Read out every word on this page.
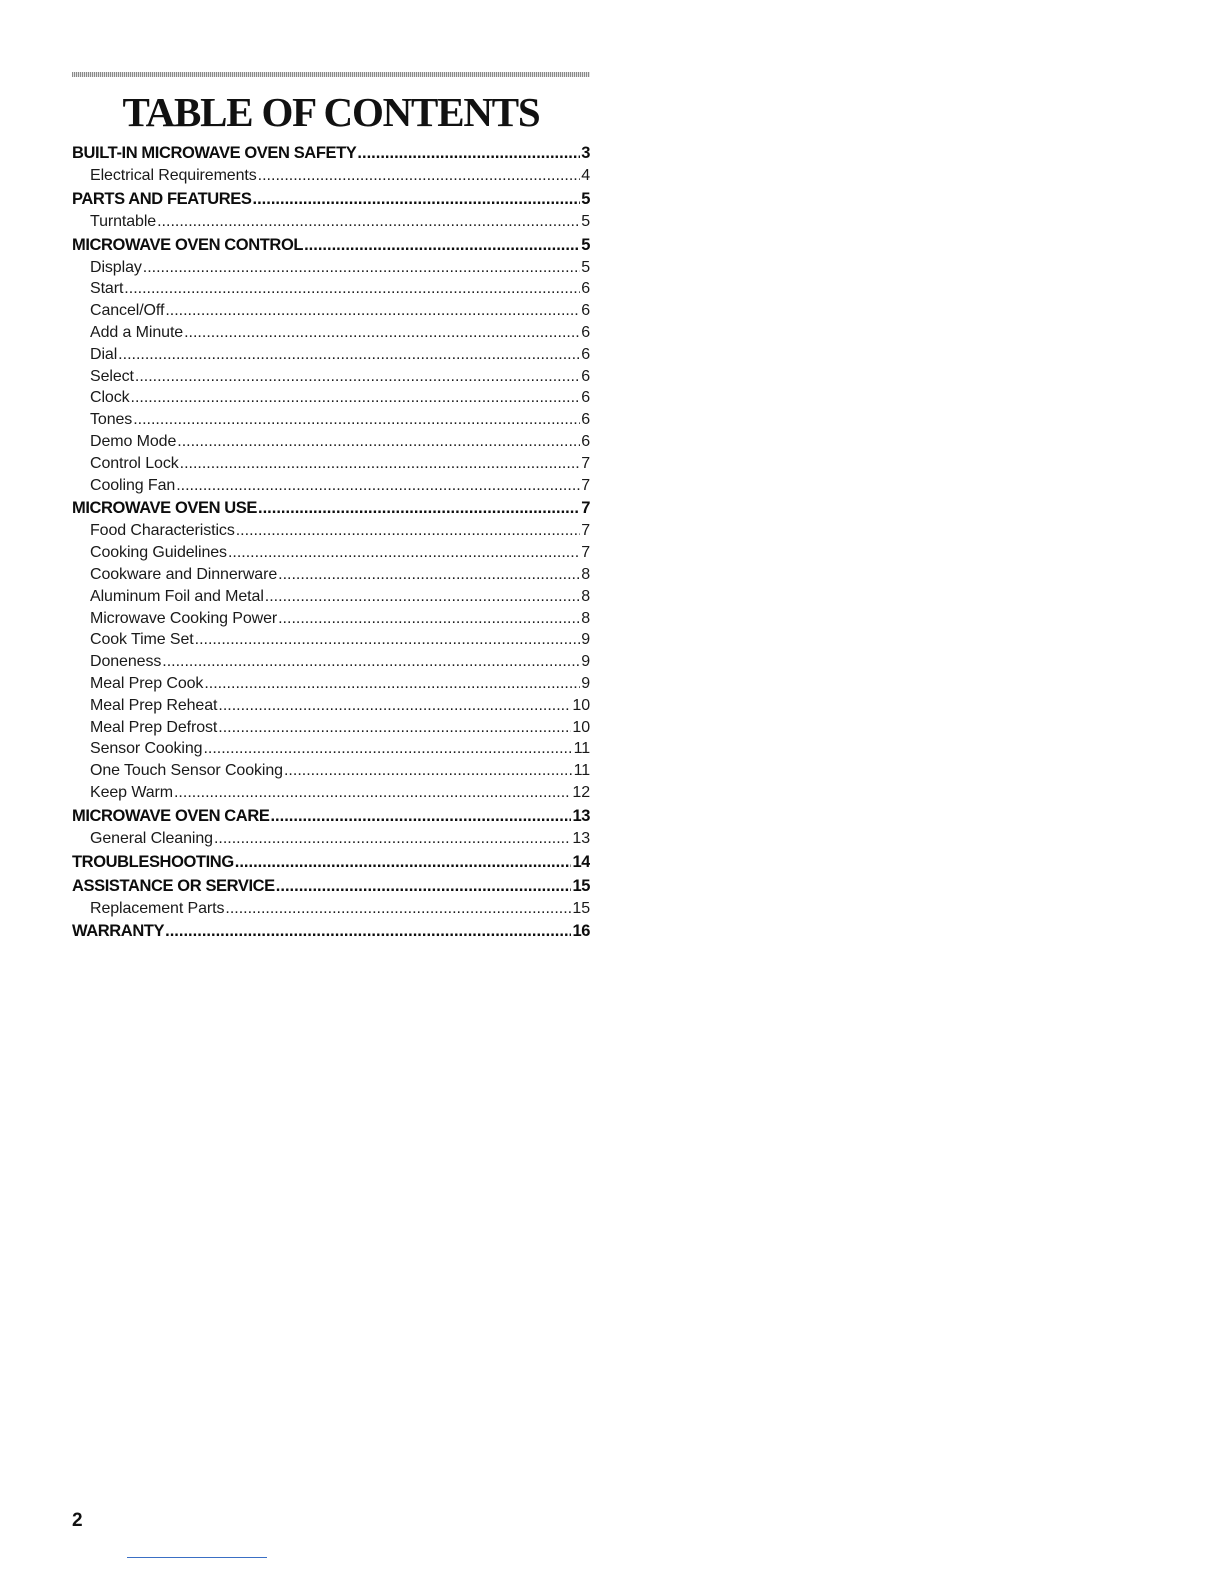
TABLE OF CONTENTS
BUILT-IN MICROWAVE OVEN SAFETY .....	3
Electrical Requirements .....	4
PARTS AND FEATURES .....	5
Turntable .....	5
MICROWAVE OVEN CONTROL .....	5
Display .....	5
Start .....	6
Cancel/Off .....	6
Add a Minute .....	6
Dial .....	6
Select .....	6
Clock .....	6
Tones .....	6
Demo Mode .....	6
Control Lock .....	7
Cooling Fan .....	7
MICROWAVE OVEN USE .....	7
Food Characteristics .....	7
Cooking Guidelines .....	7
Cookware and Dinnerware .....	8
Aluminum Foil and Metal .....	8
Microwave Cooking Power .....	8
Cook Time Set .....	9
Doneness .....	9
Meal Prep Cook .....	9
Meal Prep Reheat .....	10
Meal Prep Defrost .....	10
Sensor Cooking .....	11
One Touch Sensor Cooking .....	11
Keep Warm .....	12
MICROWAVE OVEN CARE .....	13
General Cleaning .....	13
TROUBLESHOOTING .....	14
ASSISTANCE OR SERVICE .....	15
Replacement Parts .....	15
WARRANTY .....	16
2
